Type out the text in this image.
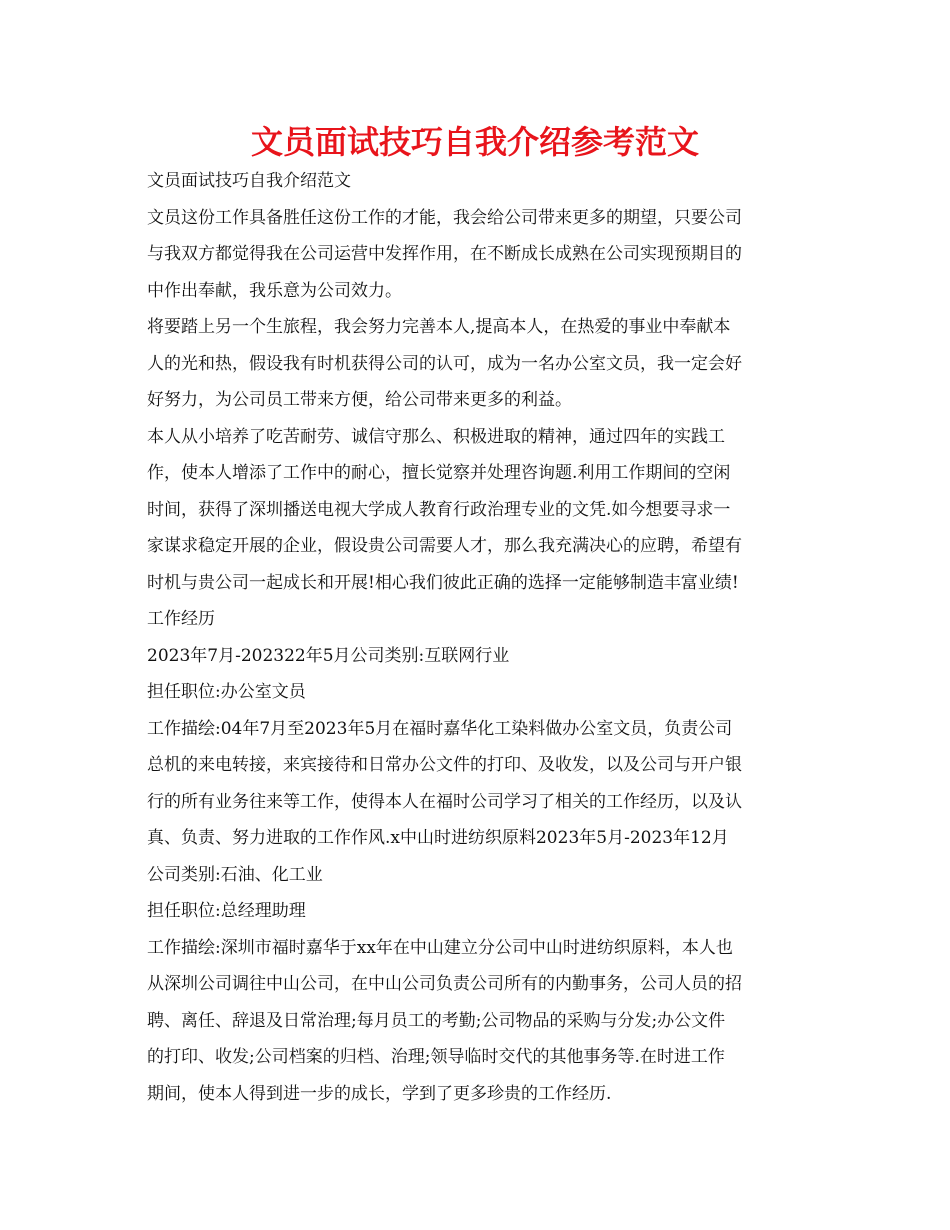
文员面试技巧自我介绍参考范文

文员面试技巧自我介绍范文

文员这份工作具备胜任这份工作的才能，我会给公司带来更多的期望，只要公司

与我双方都觉得我在公司运营中发挥作用，在不断成长成熟在公司实现预期目的

中作出奉献，我乐意为公司效力。

将要踏上另一个生旅程，我会努力完善本人,提高本人，在热爱的事业中奉献本

人的光和热，假设我有时机获得公司的认可，成为一名办公室文员，我一定会好

好努力，为公司员工带来方便，给公司带来更多的利益。

本人从小培养了吃苦耐劳、诚信守那么、积极进取的精神，通过四年的实践工

作，使本人增添了工作中的耐心，擅长觉察并处理咨询题.利用工作期间的空闲

时间，获得了深圳播送电视大学成人教育行政治理专业的文凭.如今想要寻求一

家谋求稳定开展的企业，假设贵公司需要人才，那么我充满决心的应聘，希望有

时机与贵公司一起成长和开展!相心我们彼此正确的选择一定能够制造丰富业绩!

工作经历

2023年7月-202322年5月公司类别:互联网行业

担任职位:办公室文员

工作描绘:04年7月至2023年5月在福时嘉华化工染料做办公室文员，负责公司

总机的来电转接，来宾接待和日常办公文件的打印、及收发，以及公司与开户银

行的所有业务往来等工作，使得本人在福时公司学习了相关的工作经历，以及认

真、负责、努力进取的工作作风.x中山时进纺织原料2023年5月-2023年12月

公司类别:石油、化工业

担任职位:总经理助理

工作描绘:深圳市福时嘉华于xx年在中山建立分公司中山时进纺织原料，本人也

从深圳公司调往中山公司，在中山公司负责公司所有的内勤事务，公司人员的招

聘、离任、辞退及日常治理;每月员工的考勤;公司物品的采购与分发;办公文件

的打印、收发;公司档案的归档、治理;领导临时交代的其他事务等.在时进工作

期间，使本人得到进一步的成长，学到了更多珍贵的工作经历.
